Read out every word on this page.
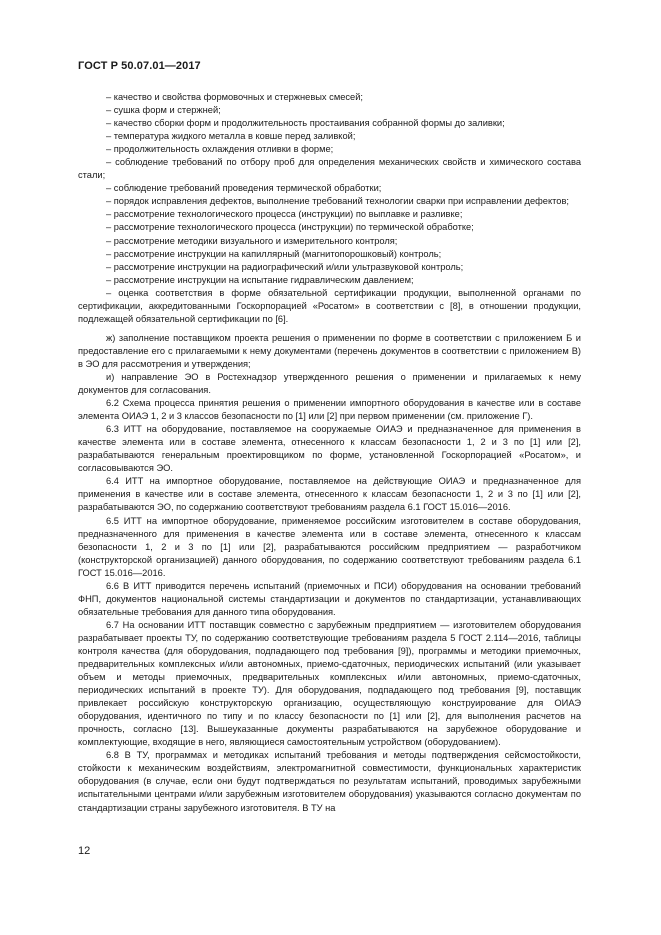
ГОСТ Р 50.07.01—2017
– качество и свойства формовочных и стержневых смесей;
– сушка форм и стержней;
– качество сборки форм и продолжительность простаивания собранной формы до заливки;
– температура жидкого металла в ковше перед заливкой;
– продолжительность охлаждения отливки в форме;
– соблюдение требований по отбору проб для определения механических свойств и химического состава стали;
– соблюдение требований проведения термической обработки;
– порядок исправления дефектов, выполнение требований технологии сварки при исправлении дефектов;
– рассмотрение технологического процесса (инструкции) по выплавке и разливке;
– рассмотрение технологического процесса (инструкции) по термической обработке;
– рассмотрение методики визуального и измерительного контроля;
– рассмотрение инструкции на капиллярный (магнитопорошковый) контроль;
– рассмотрение инструкции на радиографический и/или ультразвуковой контроль;
– рассмотрение инструкции на испытание гидравлическим давлением;
– оценка соответствия в форме обязательной сертификации продукции, выполненной органами по сертификации, аккредитованными Госкорпорацией «Росатом» в соответствии с [8], в отношении продукции, подлежащей обязательной сертификации по [6].

ж) заполнение поставщиком проекта решения о применении по форме в соответствии с приложением Б и предоставление его с прилагаемыми к нему документами (перечень документов в соответствии с приложением В) в ЭО для рассмотрения и утверждения;

и) направление ЭО в Ростехнадзор утвержденного решения о применении и прилагаемых к нему документов для согласования.

6.2 Схема процесса принятия решения о применении импортного оборудования в качестве или в составе элемента ОИАЭ 1, 2 и 3 классов безопасности по [1] или [2] при первом применении (см. приложение Г).

6.3 ИТТ на оборудование, поставляемое на сооружаемые ОИАЭ и предназначенное для применения в качестве элемента или в составе элемента, отнесенного к классам безопасности 1, 2 и 3 по [1] или [2], разрабатываются генеральным проектировщиком по форме, установленной Госкорпорацией «Росатом», и согласовываются ЭО.

6.4 ИТТ на импортное оборудование, поставляемое на действующие ОИАЭ и предназначенное для применения в качестве или в составе элемента, отнесенного к классам безопасности 1, 2 и 3 по [1] или [2], разрабатываются ЭО, по содержанию соответствуют требованиям раздела 6.1 ГОСТ 15.016—2016.

6.5 ИТТ на импортное оборудование, применяемое российским изготовителем в составе оборудования, предназначенного для применения в качестве элемента или в составе элемента, отнесенного к классам безопасности 1, 2 и 3 по [1] или [2], разрабатываются российским предприятием — разработчиком (конструкторской организацией) данного оборудования, по содержанию соответствуют требованиям раздела 6.1 ГОСТ 15.016—2016.

6.6 В ИТТ приводится перечень испытаний (приемочных и ПСИ) оборудования на основании требований ФНП, документов национальной системы стандартизации и документов по стандартизации, устанавливающих обязательные требования для данного типа оборудования.

6.7 На основании ИТТ поставщик совместно с зарубежным предприятием — изготовителем оборудования разрабатывает проекты ТУ, по содержанию соответствующие требованиям раздела 5 ГОСТ 2.114—2016, таблицы контроля качества (для оборудования, подпадающего под требования [9]), программы и методики приемочных, предварительных комплексных и/или автономных, приемо-сдаточных, периодических испытаний (или указывает объем и методы приемочных, предварительных комплексных и/или автономных, приемо-сдаточных, периодических испытаний в проекте ТУ). Для оборудования, подпадающего под требования [9], поставщик привлекает российскую конструкторскую организацию, осуществляющую конструирование для ОИАЭ оборудования, идентичного по типу и по классу безопасности по [1] или [2], для выполнения расчетов на прочность, согласно [13]. Вышеуказанные документы разрабатываются на зарубежное оборудование и комплектующие, входящие в него, являющиеся самостоятельным устройством (оборудованием).

6.8 В ТУ, программах и методиках испытаний требования и методы подтверждения сейсмостойкости, стойкости к механическим воздействиям, электромагнитной совместимости, функциональных характеристик оборудования (в случае, если они будут подтверждаться по результатам испытаний, проводимых зарубежными испытательными центрами и/или зарубежным изготовителем оборудования) указываются согласно документам по стандартизации страны зарубежного изготовителя. В ТУ на

12
